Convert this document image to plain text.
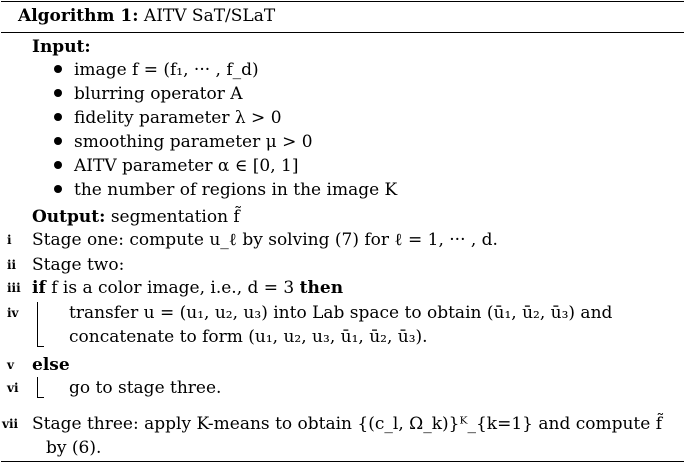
Algorithm 1: AITV SaT/SLaT
Input:
image f = (f₁, ··· , f_d)
blurring operator A
fidelity parameter λ > 0
smoothing parameter μ > 0
AITV parameter α ∈ [0, 1]
the number of regions in the image K
Output: segmentation f̃
i	Stage one: compute u_ℓ by solving (7) for ℓ = 1, ··· , d.
ii Stage two:
iii if f is a color image, i.e., d = 3 then
iv	transfer u = (u₁, u₂, u₃) into Lab space to obtain (ū₁, ū₂, ū₃) and
concatenate to form (u₁, u₂, u₃, ū₁, ū₂, ū₃).
v	else
vi	go to stage three.
vii Stage three: apply K-means to obtain {(c_l, Ω_k)}ᴷ_{k=1} and compute f̃
by (6).
